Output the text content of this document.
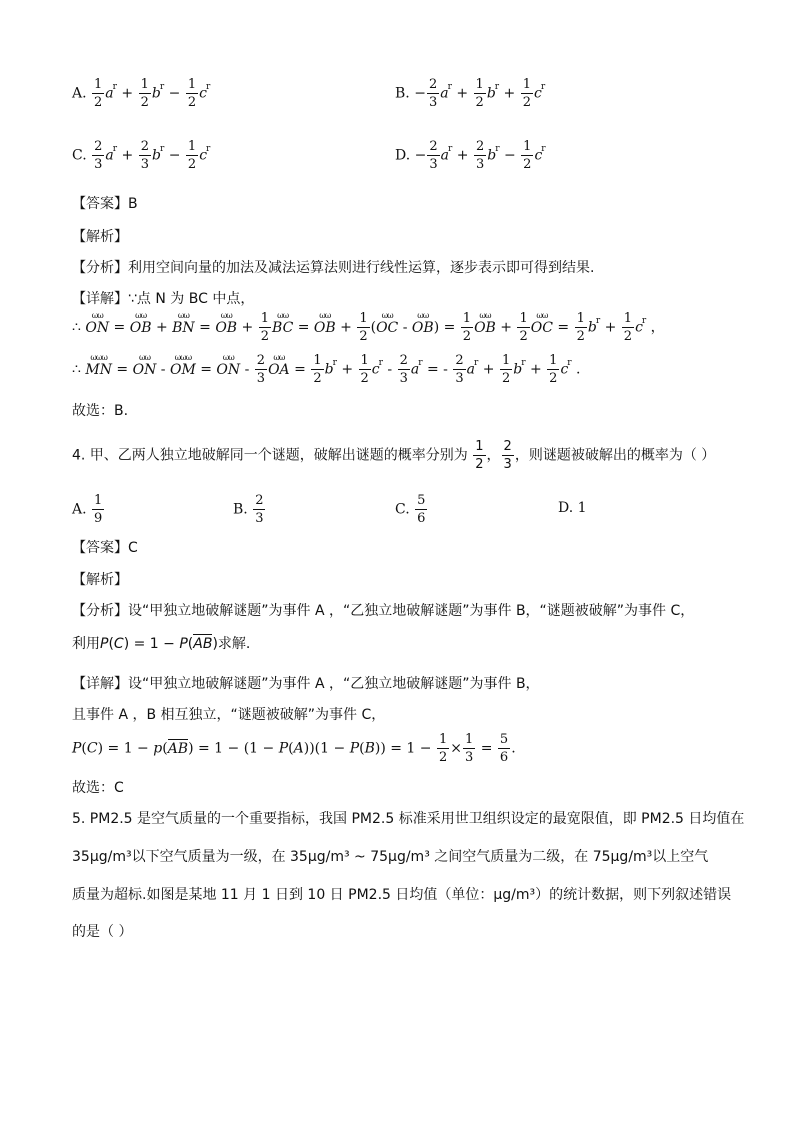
A. $\frac{1}{2} a^r + \frac{1}{2} b^r - \frac{1}{2} c^r$	B. − $\frac{2}{3} a^r + \frac{1}{2} b^r + \frac{1}{2} c^r$
C. $\frac{2}{3} a^r + \frac{2}{3} b^r - \frac{1}{2} c^r$	D. − $\frac{2}{3} a^r + \frac{2}{3} b^r - \frac{1}{2} c^r$
【答案】B
【解析】
【分析】利用空间向量的加法及减法运算法则进行线性运算，逐步表示即可得到结果.
【详解】∵点 N 为 BC 中点，
∴
ωω
ON =
ωω
OB +
ωω
BN =
ωω
OB + $\frac{1}{2}$ ωω
BC =
ωω
OB + $\frac{1}{2}$ (
ωω
OC -
ωω
$OB) = \frac{1}{2}$ ωω
OB + $\frac{1}{2}$ ωω
OC = $\frac{1}{2} b^r + \frac{1}{2} c^r$ ，
∴
ωωω
MN =
ωω
ON -
ωωω
OM =
ωω
ON - $\frac{2}{3}$ ωω
OA = $\frac{1}{2} b^r + \frac{1}{2} c^r - \frac{2}{3} a^r$ = - $\frac{2}{3} a^r + \frac{1}{2} b^r + \frac{1}{2} c^r$ .
故选：B.
4. 甲、乙两人独立地破解同一个谜题，破解出谜题的概率分别为 $\frac{1}{2}$ ， $\frac{2}{3}$ ，则谜题被破解出的概率为（ ）
A. $\frac{1}{9}$	B. $\frac{2}{3}$	C. $\frac{5}{6}$	D. 1
【答案】C
【解析】
【分析】设“甲独立地破解谜题”为事件 A ，“乙独立地破解谜题”为事件 B，“谜题被破解”为事件 C，
利用P(C) = 1 − P(AB)求解.
【详解】设“甲独立地破解谜题”为事件 A ，“乙独立地破解谜题”为事件 B，
且事件 A ，B 相互独立，“谜题被破解”为事件 C，
$P(C) = 1 - p(AB) = 1 - (1 - P(A))(1 - P(B)) = 1 - \frac{1}{2} \times \frac{1}{3} = \frac{5}{6}$ .
故选：C
5. PM2.5 是空气质量的一个重要指标，我国 PM2.5 标准采用世卫组织设定的最宽限值，即 PM2.5 日均值在
35μg/m³以下空气质量为一级，在 35μg/m³ ~ 75μg/m³ 之间空气质量为二级，在 75μg/m³以上空气
质量为超标.如图是某地 11 月 1 日到 10 日 PM2.5 日均值（单位：μg/m³）的统计数据，则下列叙述错误
的是（ ）
